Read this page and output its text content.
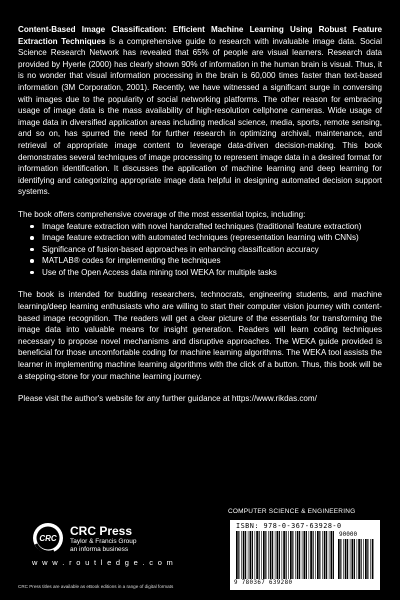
Content-Based Image Classification: Efficient Machine Learning Using Robust Feature Extraction Techniques is a comprehensive guide to research with invaluable image data. Social Science Research Network has revealed that 65% of people are visual learners. Research data provided by Hyerle (2000) has clearly shown 90% of information in the human brain is visual. Thus, it is no wonder that visual information processing in the brain is 60,000 times faster than text-based information (3M Corporation, 2001). Recently, we have witnessed a significant surge in conversing with images due to the popularity of social networking platforms. The other reason for embracing usage of image data is the mass availability of high-resolution cellphone cameras. Wide usage of image data in diversified application areas including medical science, media, sports, remote sensing, and so on, has spurred the need for further research in optimizing archival, maintenance, and retrieval of appropriate image content to leverage data-driven decision-making. This book demonstrates several techniques of image processing to represent image data in a desired format for information identification. It discusses the application of machine learning and deep learning for identifying and categorizing appropriate image data helpful in designing automated decision support systems.

The book offers comprehensive coverage of the most essential topics, including:

Image feature extraction with novel handcrafted techniques (traditional feature extraction)
Image feature extraction with automated techniques (representation learning with CNNs)
Significance of fusion-based approaches in enhancing classification accuracy
MATLAB® codes for implementing the techniques
Use of the Open Access data mining tool WEKA for multiple tasks

The book is intended for budding researchers, technocrats, engineering students, and machine learning/deep learning enthusiasts who are willing to start their computer vision journey with content-based image recognition. The readers will get a clear picture of the essentials for transforming the image data into valuable means for insight generation. Readers will learn coding techniques necessary to propose novel mechanisms and disruptive approaches. The WEKA guide provided is beneficial for those uncomfortable coding for machine learning algorithms. The WEKA tool assists the learner in implementing machine learning algorithms with the click of a button. Thus, this book will be a stepping-stone for your machine learning journey.

Please visit the author's website for any further guidance at https://www.rikdas.com/

CRC
CRC Press
Taylor & Francis Group
an informa business
w w w . r o u t l e d g e . c o m
CRC Press titles are available as eBook editions in a range of digital formats
COMPUTER SCIENCE & ENGINEERING
ISBN: 978-0-367-63928-0
90000
9 780367 639280
